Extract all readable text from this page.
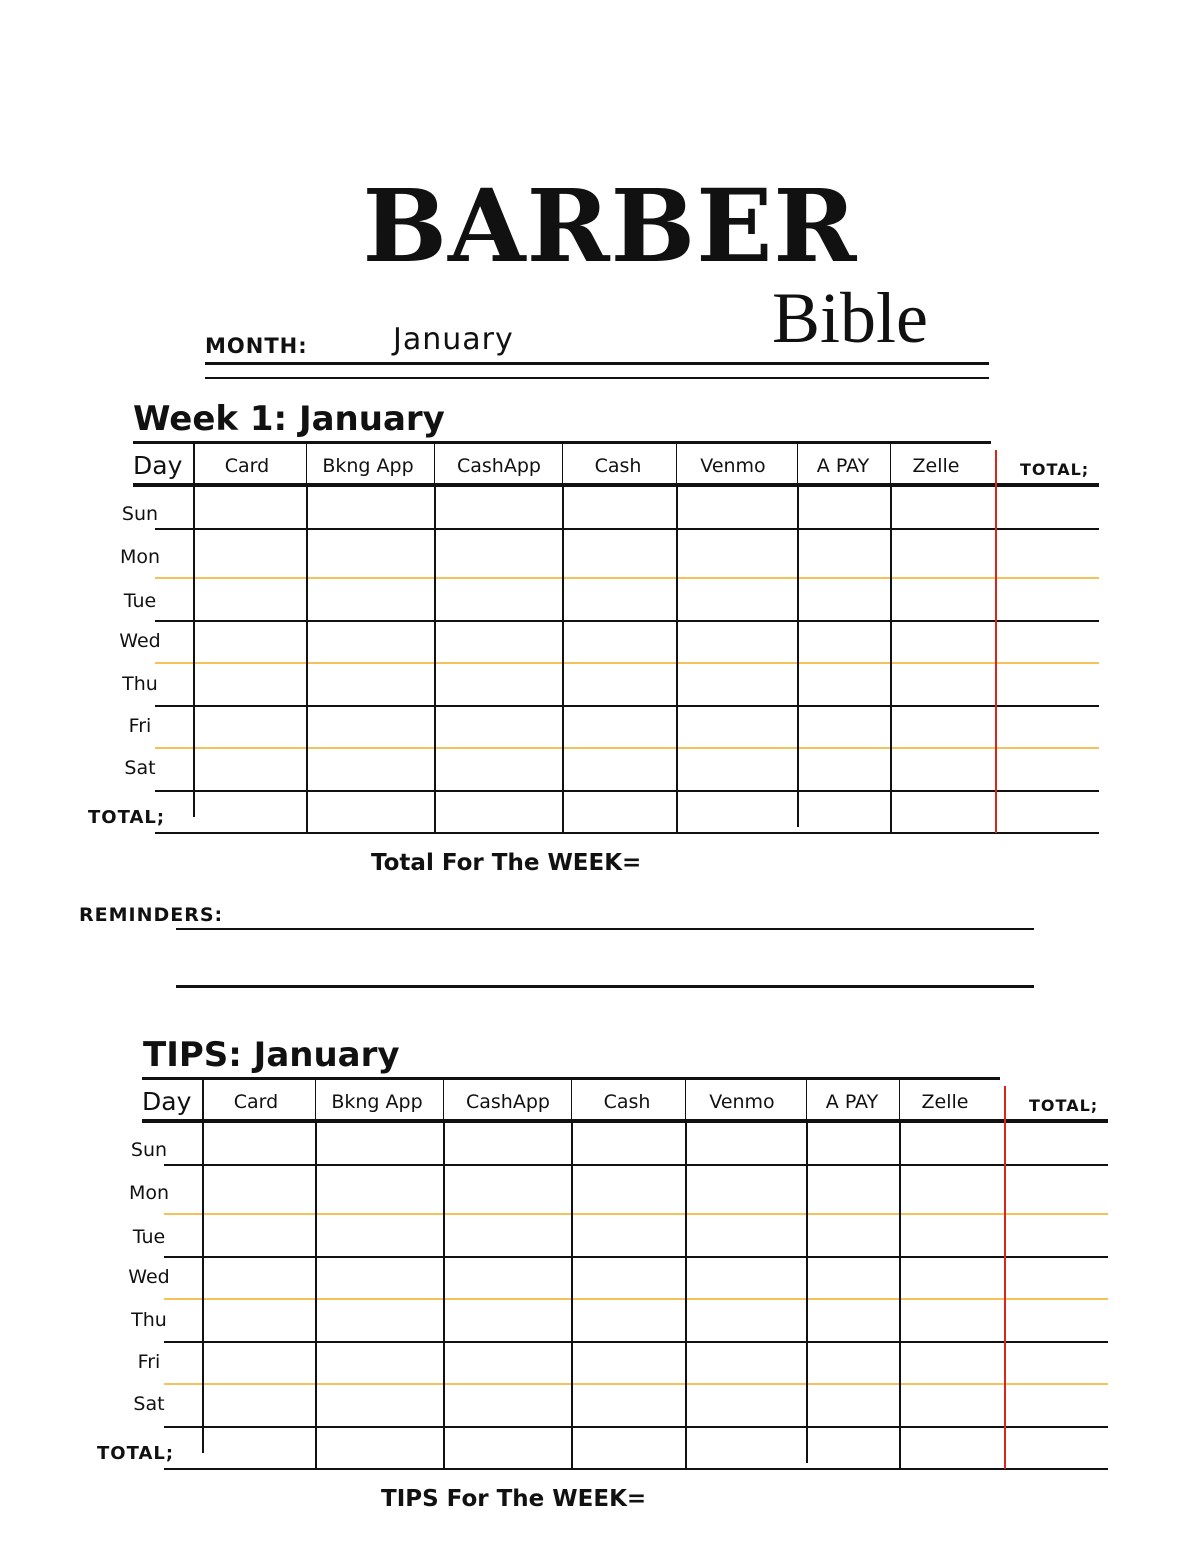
BARBER
Bible
MONTH:	January
Week 1: January
Day	Card	Bkng App	CashApp	Cash	Venmo	A PAY	Zelle	TOTAL;
Sun
Mon
Tue
Wed
Thu
Fri
Sat
TOTAL;
Total For The WEEK=
REMINDERS:
TIPS: January
Day	Card	Bkng App	CashApp	Cash	Venmo	A PAY	Zelle	TOTAL;
Sun
Mon
Tue
Wed
Thu
Fri
Sat
TOTAL;
TIPS For The WEEK=
